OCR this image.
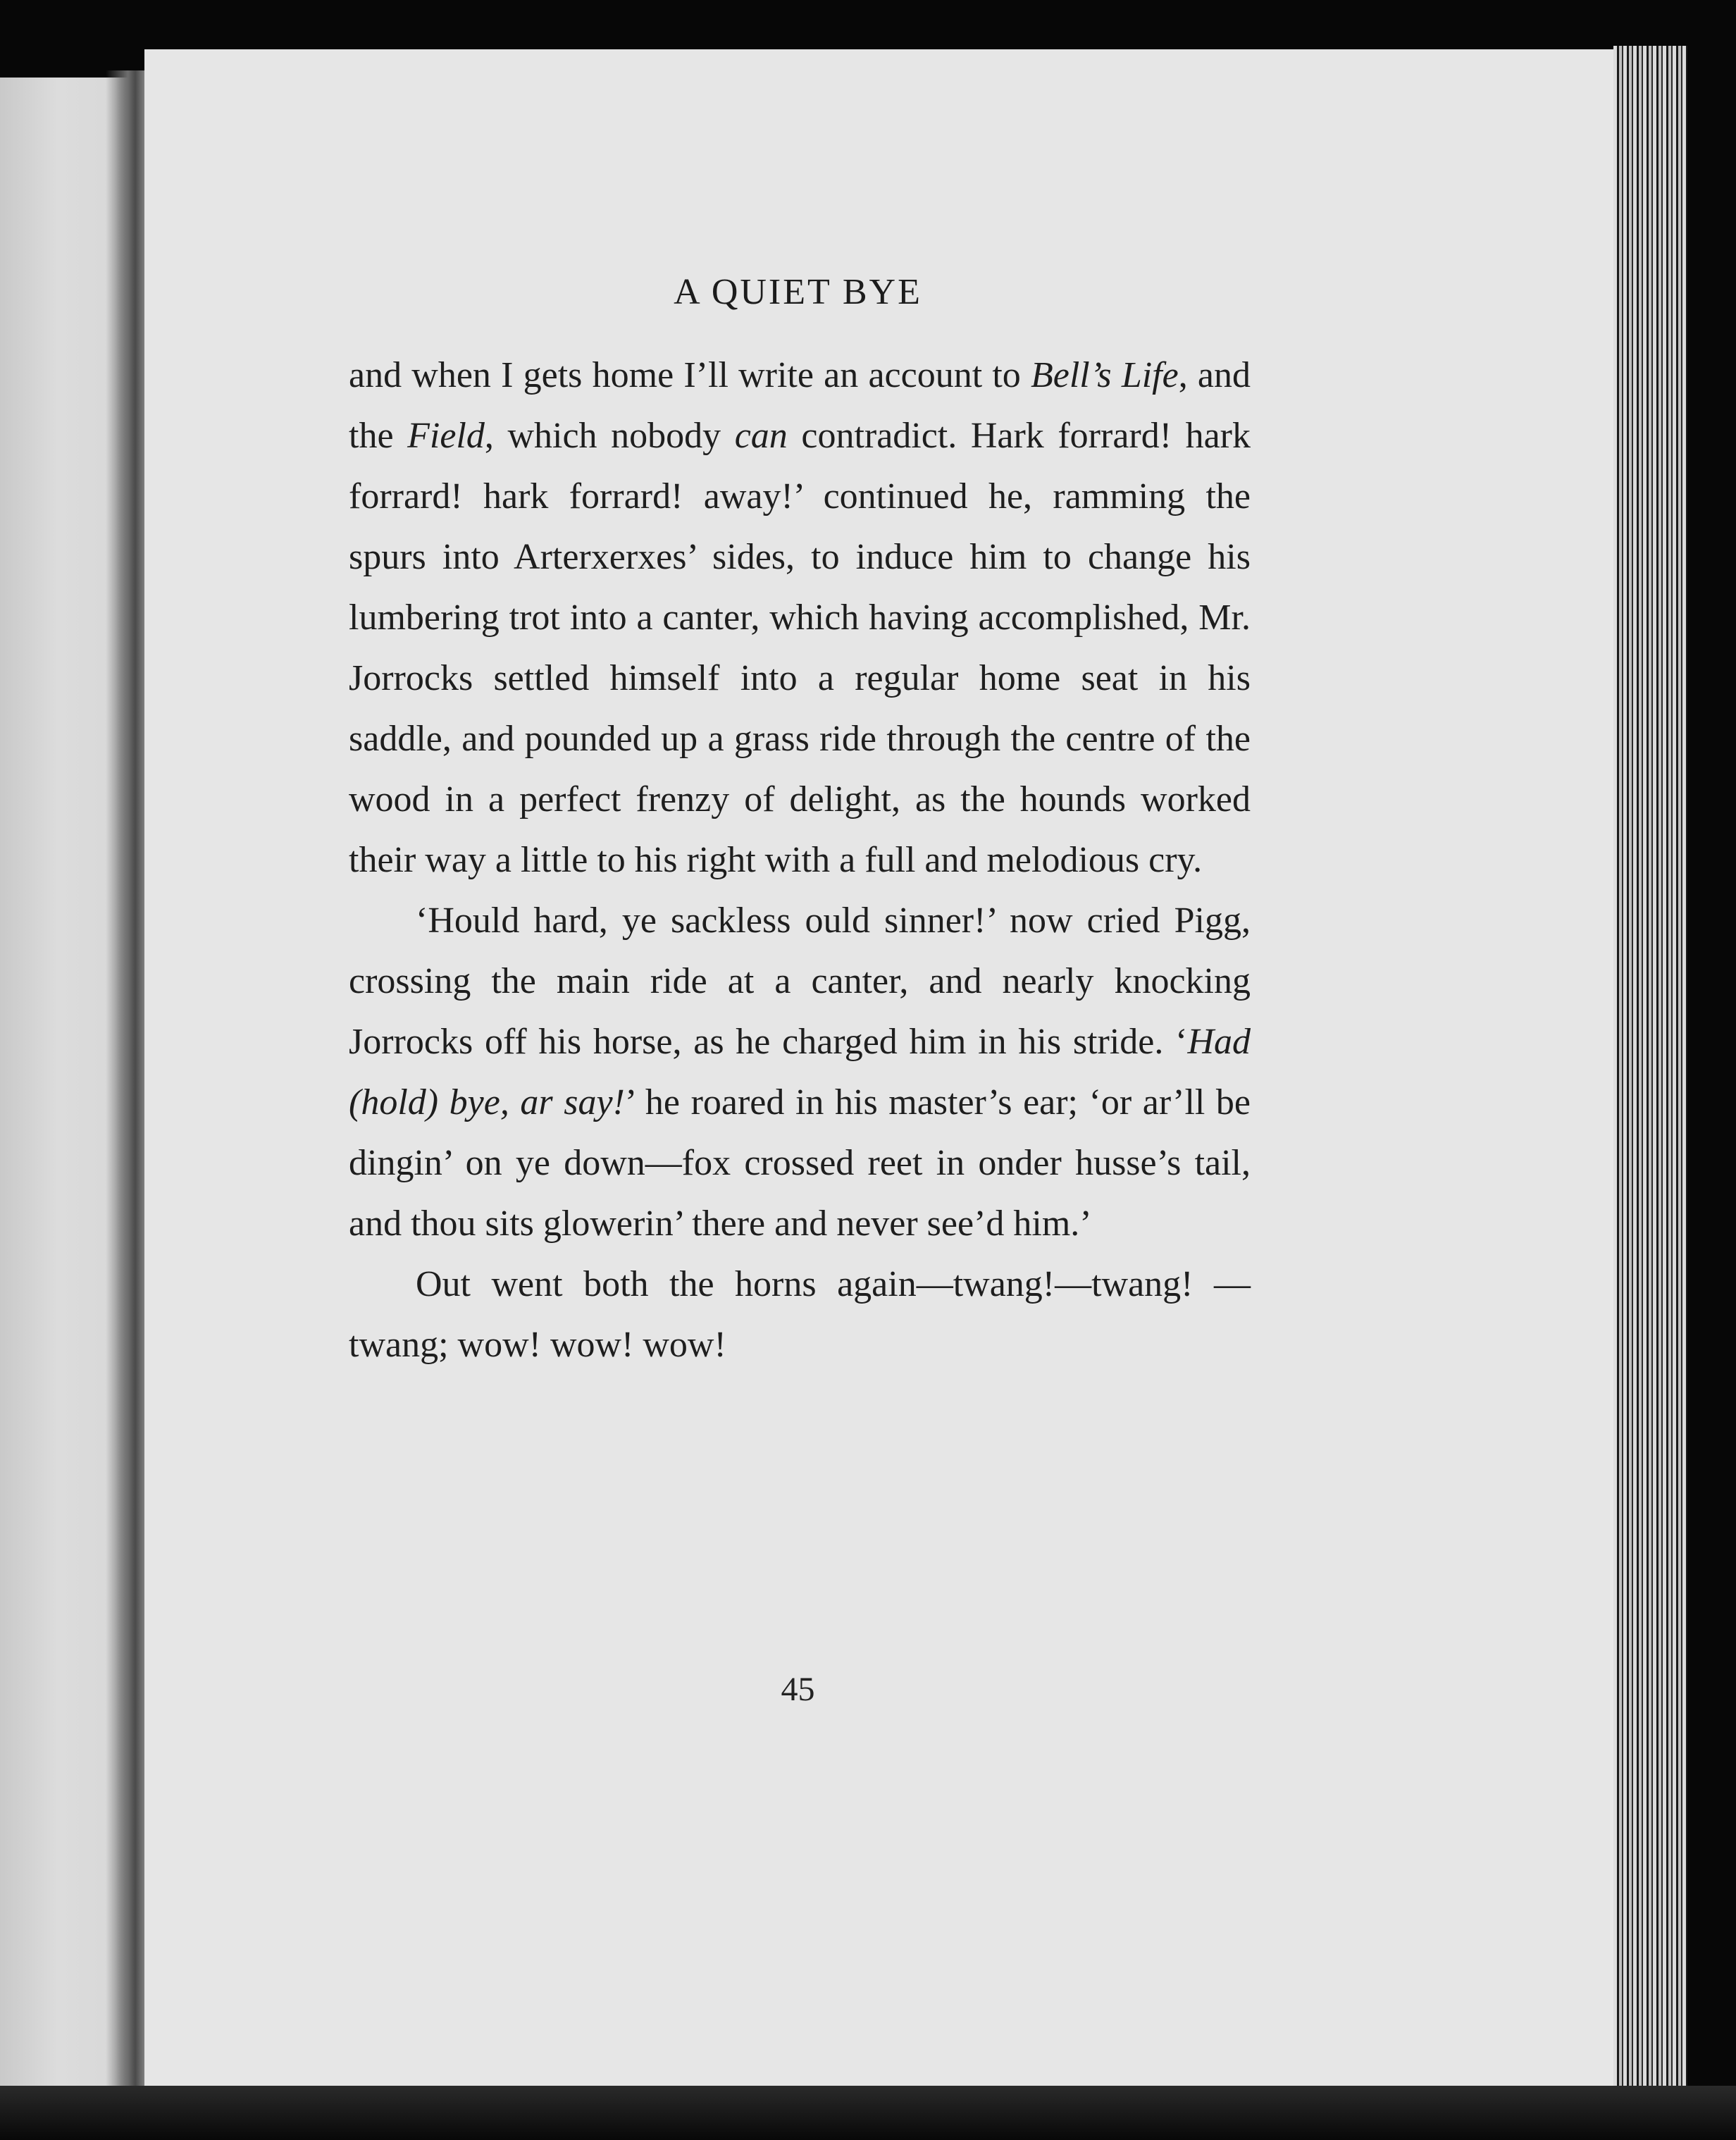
A QUIET BYE

and when I gets home I’ll write an account to Bell’s Life, and the Field, which nobody can contradict. Hark forrard! hark forrard! hark forrard! away!’ continued he, ramming the spurs into Arterxerxes’ sides, to induce him to change his lumbering trot into a canter, which having accomplished, Mr. Jorrocks settled himself into a regular home seat in his saddle, and pounded up a grass ride through the centre of the wood in a perfect frenzy of delight, as the hounds worked their way a little to his right with a full and melodious cry.

‘Hould hard, ye sackless ould sinner!’ now cried Pigg, crossing the main ride at a canter, and nearly knocking Jorrocks off his horse, as he charged him in his stride. ‘Had (hold) bye, ar say!’ he roared in his master’s ear; ‘or ar’ll be dingin’ on ye down—fox crossed reet in onder husse’s tail, and thou sits glowerin’ there and never see’d him.’

Out went both the horns again—twang!—twang! —twang; wow! wow! wow!

45
